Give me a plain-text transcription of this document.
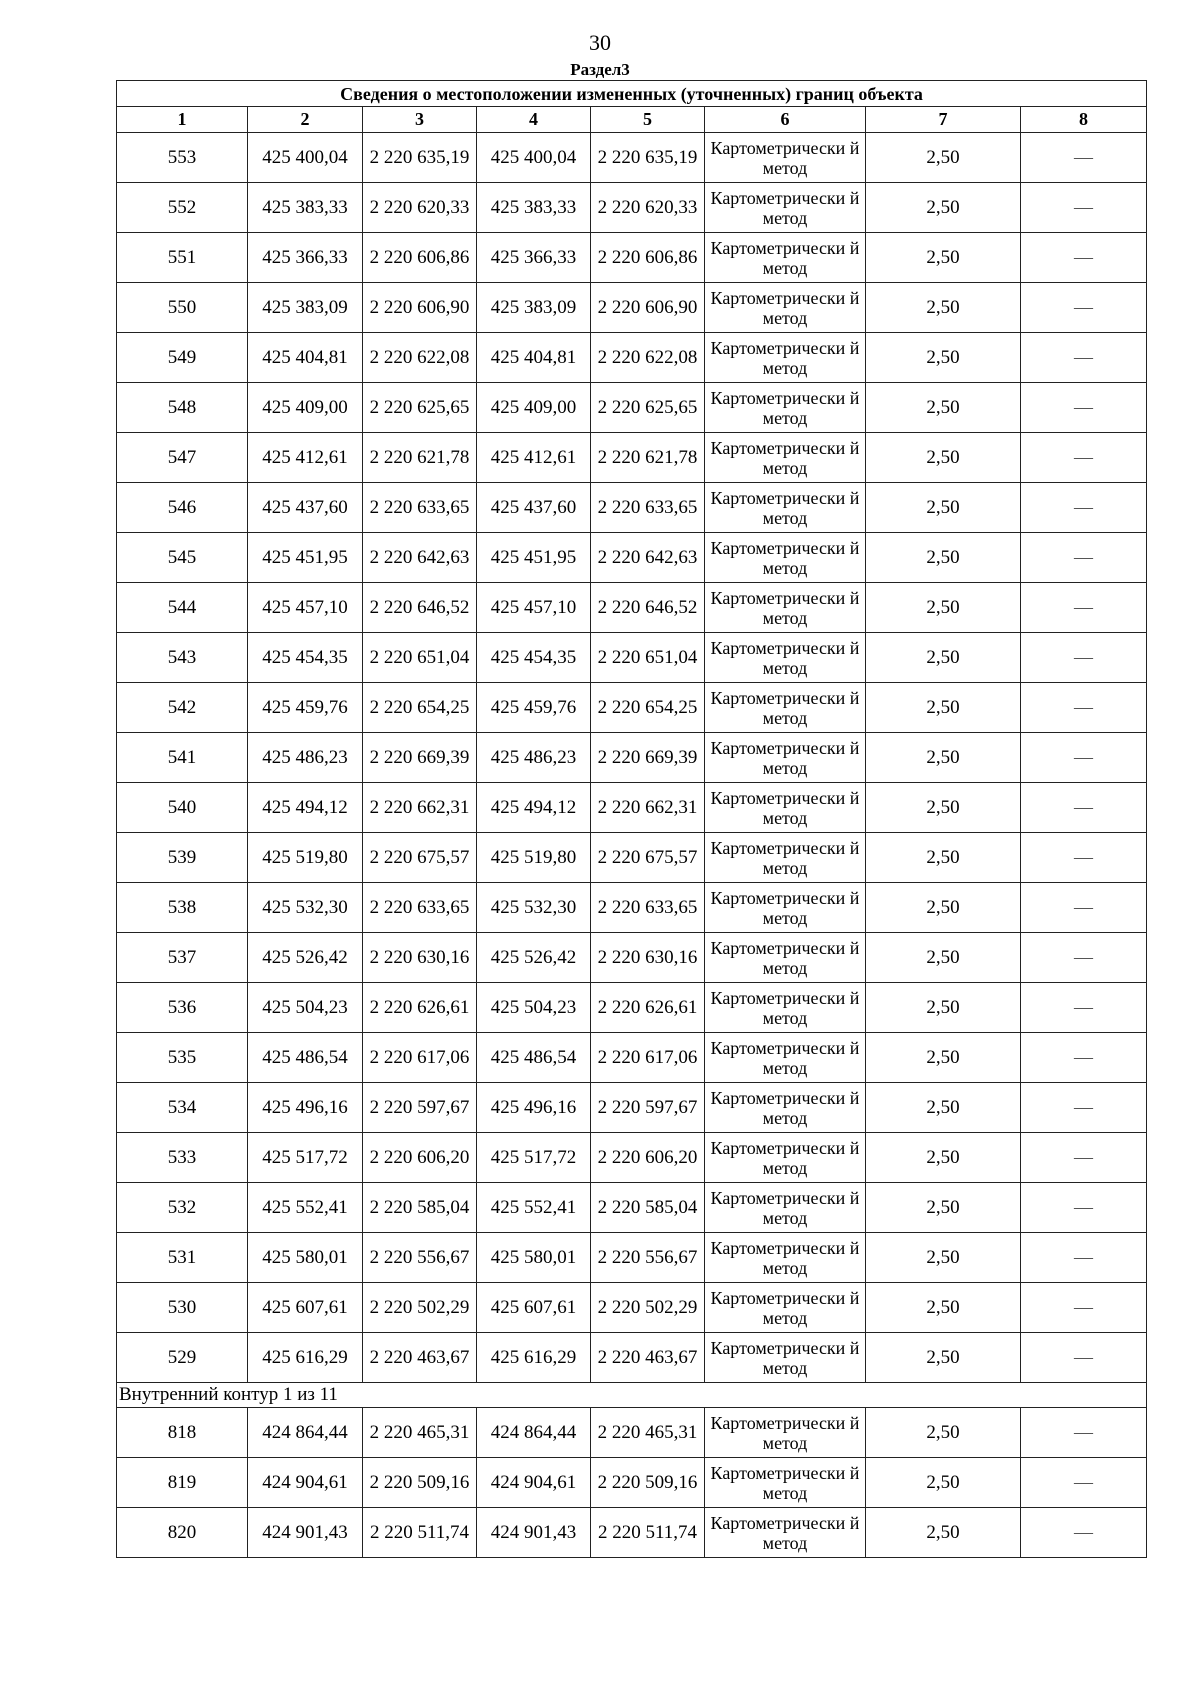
30
Раздел3
Сведения о местоположении измененных (уточненных) границ объекта							
1	2	3	4	5	6	7	8
553	425 400,04	2 220 635,19	425 400,04	2 220 635,19	Картометрически й метод	2,50	—
552	425 383,33	2 220 620,33	425 383,33	2 220 620,33	Картометрически й метод	2,50	—
551	425 366,33	2 220 606,86	425 366,33	2 220 606,86	Картометрически й метод	2,50	—
550	425 383,09	2 220 606,90	425 383,09	2 220 606,90	Картометрически й метод	2,50	—
549	425 404,81	2 220 622,08	425 404,81	2 220 622,08	Картометрически й метод	2,50	—
548	425 409,00	2 220 625,65	425 409,00	2 220 625,65	Картометрически й метод	2,50	—
547	425 412,61	2 220 621,78	425 412,61	2 220 621,78	Картометрически й метод	2,50	—
546	425 437,60	2 220 633,65	425 437,60	2 220 633,65	Картометрически й метод	2,50	—
545	425 451,95	2 220 642,63	425 451,95	2 220 642,63	Картометрически й метод	2,50	—
544	425 457,10	2 220 646,52	425 457,10	2 220 646,52	Картометрически й метод	2,50	—
543	425 454,35	2 220 651,04	425 454,35	2 220 651,04	Картометрически й метод	2,50	—
542	425 459,76	2 220 654,25	425 459,76	2 220 654,25	Картометрически й метод	2,50	—
541	425 486,23	2 220 669,39	425 486,23	2 220 669,39	Картометрически й метод	2,50	—
540	425 494,12	2 220 662,31	425 494,12	2 220 662,31	Картометрически й метод	2,50	—
539	425 519,80	2 220 675,57	425 519,80	2 220 675,57	Картометрически й метод	2,50	—
538	425 532,30	2 220 633,65	425 532,30	2 220 633,65	Картометрически й метод	2,50	—
537	425 526,42	2 220 630,16	425 526,42	2 220 630,16	Картометрически й метод	2,50	—
536	425 504,23	2 220 626,61	425 504,23	2 220 626,61	Картометрически й метод	2,50	—
535	425 486,54	2 220 617,06	425 486,54	2 220 617,06	Картометрически й метод	2,50	—
534	425 496,16	2 220 597,67	425 496,16	2 220 597,67	Картометрически й метод	2,50	—
533	425 517,72	2 220 606,20	425 517,72	2 220 606,20	Картометрически й метод	2,50	—
532	425 552,41	2 220 585,04	425 552,41	2 220 585,04	Картометрически й метод	2,50	—
531	425 580,01	2 220 556,67	425 580,01	2 220 556,67	Картометрически й метод	2,50	—
530	425 607,61	2 220 502,29	425 607,61	2 220 502,29	Картометрически й метод	2,50	—
529	425 616,29	2 220 463,67	425 616,29	2 220 463,67	Картометрически й метод	2,50	—
Внутренний контур 1 из 11							
818	424 864,44	2 220 465,31	424 864,44	2 220 465,31	Картометрически й метод	2,50	—
819	424 904,61	2 220 509,16	424 904,61	2 220 509,16	Картометрически й метод	2,50	—
820	424 901,43	2 220 511,74	424 901,43	2 220 511,74	Картометрически й метод	2,50	—
